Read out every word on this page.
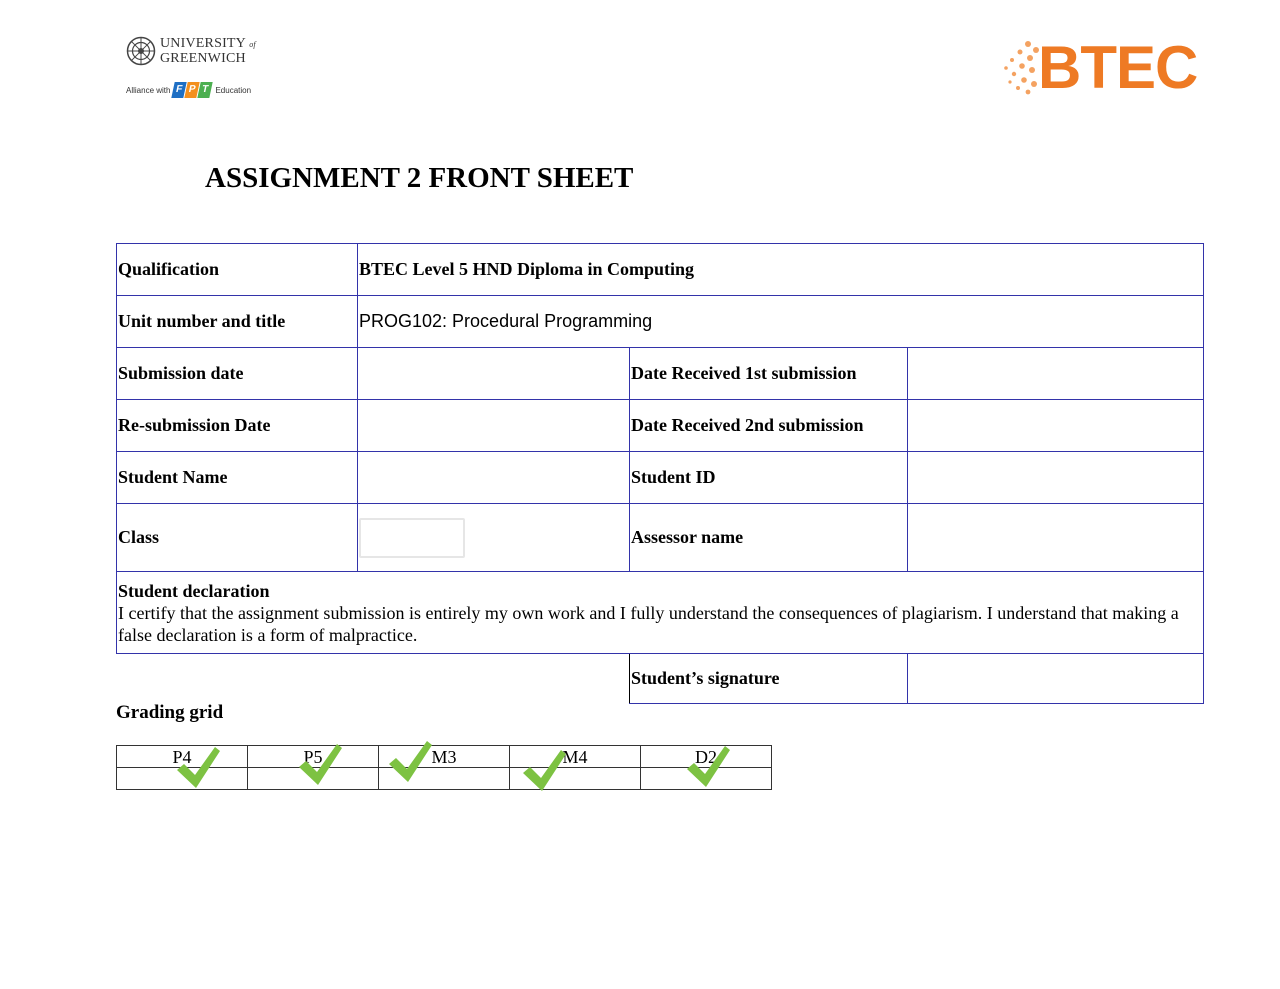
UNIVERSITY of
GREENWICH
Alliance with F P T Education	BTEC
ASSIGNMENT 2 FRONT SHEET
Qualification	BTEC Level 5 HND Diploma in Computing		
Unit number and title	PROG102: Procedural Programming		
Submission date		Date Received 1st submission	
Re-submission Date		Date Received 2nd submission	
Student Name		Student ID	
Class		Assessor name	

Student declaration
I certify that the assignment submission is entirely my own work and I fully understand the consequences of plagiarism. I understand that making a false declaration is a form of malpractice.			
		Student’s signature	
Grading grid
P4	P5	M3	M4	D2
